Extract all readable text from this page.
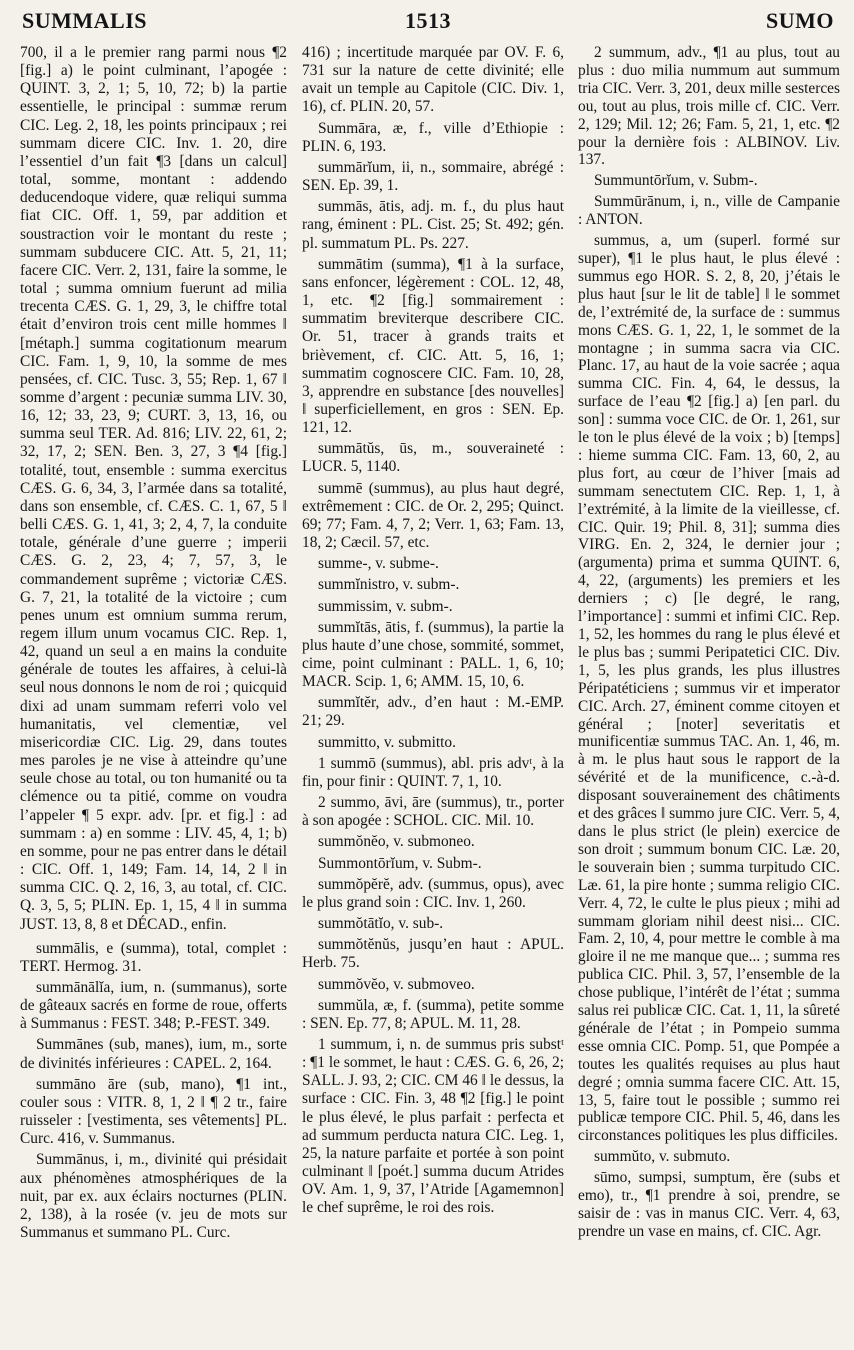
SUMMALIS	1513	SUMO

700, il a le premier rang parmi nous ¶2 [fig.] a) le point culminant, l’apogée : QUINT. 3, 2, 1; 5, 10, 72; b) la partie essentielle, le principal : summæ rerum CIC. Leg. 2, 18, les points principaux ; rei summam dicere CIC. Inv. 1. 20, dire l’essentiel d’un fait ¶3 [dans un calcul] total, somme, montant : addendo deducendoque videre, quæ reliqui summa fiat CIC. Off. 1, 59, par addition et soustraction voir le montant du reste ; summam subducere CIC. Att. 5, 21, 11; facere CIC. Verr. 2, 131, faire la somme, le total ; summa omnium fuerunt ad milia trecenta CÆS. G. 1, 29, 3, le chiffre total était d’environ trois cent mille hommes ‖ [métaph.] summa cogitationum mearum CIC. Fam. 1, 9, 10, la somme de mes pensées, cf. CIC. Tusc. 3, 55; Rep. 1, 67 ‖ somme d’argent : pecuniæ summa LIV. 30, 16, 12; 33, 23, 9; CURT. 3, 13, 16, ou summa seul TER. Ad. 816; LIV. 22, 61, 2; 32, 17, 2; SEN. Ben. 3, 27, 3 ¶4 [fig.] totalité, tout, ensemble : summa exercitus CÆS. G. 6, 34, 3, l’armée dans sa totalité, dans son ensemble, cf. CÆS. C. 1, 67, 5 ‖ belli CÆS. G. 1, 41, 3; 2, 4, 7, la conduite totale, générale d’une guerre ; imperii CÆS. G. 2, 23, 4; 7, 57, 3, le commandement suprême ; victoriæ CÆS. G. 7, 21, la totalité de la victoire ; cum penes unum est omnium summa rerum, regem illum unum vocamus CIC. Rep. 1, 42, quand un seul a en mains la conduite générale de toutes les affaires, à celui-là seul nous donnons le nom de roi ; quicquid dixi ad unam summam referri volo vel humanitatis, vel clementiæ, vel misericordiæ CIC. Lig. 29, dans toutes mes paroles je ne vise à atteindre qu’une seule chose au total, ou ton humanité ou ta clémence ou ta pitié, comme on voudra l’appeler ¶ 5 expr. adv. [pr. et fig.] : ad summam : a) en somme : LIV. 45, 4, 1; b) en somme, pour ne pas entrer dans le détail : CIC. Off. 1, 149; Fam. 14, 14, 2 ‖ in summa CIC. Q. 2, 16, 3, au total, cf. CIC. Q. 3, 5, 5; PLIN. Ep. 1, 15, 4 ‖ in summa JUST. 13, 8, 8 et DÉCAD., enfin.

summālis, e (summa), total, complet : TERT. Hermog. 31.

summānālĭa, ium, n. (summanus), sorte de gâteaux sacrés en forme de roue, offerts à Summanus : FEST. 348; P.-FEST. 349.

Summānes (sub, manes), ium, m., sorte de divinités inférieures : CAPEL. 2, 164.

summāno āre (sub, mano), ¶1 int., couler sous : VITR. 8, 1, 2 ‖ ¶ 2 tr., faire ruisseler : [vestimenta, ses vêtements] PL. Curc. 416, v. Summanus.

Summānus, i, m., divinité qui présidait aux phénomènes atmosphériques de la nuit, par ex. aux éclairs nocturnes (PLIN. 2, 138), à la rosée (v. jeu de mots sur Summanus et summano PL. Curc.

416) ; incertitude marquée par OV. F. 6, 731 sur la nature de cette divinité; elle avait un temple au Capitole (CIC. Div. 1, 16), cf. PLIN. 20, 57.

Summāra, æ, f., ville d’Ethiopie : PLIN. 6, 193.

summārĭum, ii, n., sommaire, abrégé : SEN. Ep. 39, 1.

summās, ātis, adj. m. f., du plus haut rang, éminent : PL. Cist. 25; St. 492; gén. pl. summatum PL. Ps. 227.

summātim (summa), ¶1 à la surface, sans enfoncer, légèrement : COL. 12, 48, 1, etc. ¶2 [fig.] sommairement : summatim breviterque describere CIC. Or. 51, tracer à grands traits et brièvement, cf. CIC. Att. 5, 16, 1; summatim cognoscere CIC. Fam. 10, 28, 3, apprendre en substance [des nouvelles] ‖ superficiellement, en gros : SEN. Ep. 121, 12.

summātŭs, ūs, m., souveraineté : LUCR. 5, 1140.

summē (summus), au plus haut degré, extrêmement : CIC. de Or. 2, 295; Quinct. 69; 77; Fam. 4, 7, 2; Verr. 1, 63; Fam. 13, 18, 2; Cæcil. 57, etc.

summe-, v. subme-.

summĭnistro, v. subm-.

summissim, v. subm-.

summĭtās, ātis, f. (summus), la partie la plus haute d’une chose, sommité, sommet, cime, point culminant : PALL. 1, 6, 10; MACR. Scip. 1, 6; AMM. 15, 10, 6.

summĭtĕr, adv., d’en haut : M.-EMP. 21; 29.

summitto, v. submitto.

1 summō (summus), abl. pris advᵗ, à la fin, pour finir : QUINT. 7, 1, 10.

2 summo, āvi, āre (summus), tr., porter à son apogée : SCHOL. CIC. Mil. 10.

summŏnĕo, v. submoneo.

Summontōrĭum, v. Subm-.

summŏpĕrĕ, adv. (summus, opus), avec le plus grand soin : CIC. Inv. 1, 260.

summŏtātĭo, v. sub-.

summŏtĕnŭs, jusqu’en haut : APUL. Herb. 75.

summŏvĕo, v. submoveo.

summŭla, æ, f. (summa), petite somme : SEN. Ep. 77, 8; APUL. M. 11, 28.

1 summum, i, n. de summus pris substᵗ : ¶1 le sommet, le haut : CÆS. G. 6, 26, 2; SALL. J. 93, 2; CIC. CM 46 ‖ le dessus, la surface : CIC. Fin. 3, 48 ¶2 [fig.] le point le plus élevé, le plus parfait : perfecta et ad summum perducta natura CIC. Leg. 1, 25, la nature parfaite et portée à son point culminant ‖ [poét.] summa ducum Atrides OV. Am. 1, 9, 37, l’Atride [Agamemnon] le chef suprême, le roi des rois.

2 summum, adv., ¶1 au plus, tout au plus : duo milia nummum aut summum tria CIC. Verr. 3, 201, deux mille sesterces ou, tout au plus, trois mille cf. CIC. Verr. 2, 129; Mil. 12; 26; Fam. 5, 21, 1, etc. ¶2 pour la dernière fois : ALBINOV. Liv. 137.

Summuntōrĭum, v. Subm-.

Summūrānum, i, n., ville de Campanie : ANTON.

summus, a, um (superl. formé sur super), ¶1 le plus haut, le plus élevé : summus ego HOR. S. 2, 8, 20, j’étais le plus haut [sur le lit de table] ‖ le sommet de, l’extrémité de, la surface de : summus mons CÆS. G. 1, 22, 1, le sommet de la montagne ; in summa sacra via CIC. Planc. 17, au haut de la voie sacrée ; aqua summa CIC. Fin. 4, 64, le dessus, la surface de l’eau ¶2 [fig.] a) [en parl. du son] : summa voce CIC. de Or. 1, 261, sur le ton le plus élevé de la voix ; b) [temps] : hieme summa CIC. Fam. 13, 60, 2, au plus fort, au cœur de l’hiver [mais ad summam senectutem CIC. Rep. 1, 1, à l’extrémité, à la limite de la vieillesse, cf. CIC. Quir. 19; Phil. 8, 31]; summa dies VIRG. En. 2, 324, le dernier jour ; (argumenta) prima et summa QUINT. 6, 4, 22, (arguments) les premiers et les derniers ; c) [le degré, le rang, l’importance] : summi et infimi CIC. Rep. 1, 52, les hommes du rang le plus élevé et le plus bas ; summi Peripatetici CIC. Div. 1, 5, les plus grands, les plus illustres Péripatéticiens ; summus vir et imperator CIC. Arch. 27, éminent comme citoyen et général ; [noter] severitatis et munificentiæ summus TAC. An. 1, 46, m. à m. le plus haut sous le rapport de la sévérité et de la munificence, c.-à-d. disposant souverainement des châtiments et des grâces ‖ summo jure CIC. Verr. 5, 4, dans le plus strict (le plein) exercice de son droit ; summum bonum CIC. Læ. 20, le souverain bien ; summa turpitudo CIC. Læ. 61, la pire honte ; summa religio CIC. Verr. 4, 72, le culte le plus pieux ; mihi ad summam gloriam nihil deest nisi... CIC. Fam. 2, 10, 4, pour mettre le comble à ma gloire il ne me manque que... ; summa res publica CIC. Phil. 3, 57, l’ensemble de la chose publique, l’intérêt de l’état ; summa salus rei publicæ CIC. Cat. 1, 11, la sûreté générale de l’état ; in Pompeio summa esse omnia CIC. Pomp. 51, que Pompée a toutes les qualités requises au plus haut degré ; omnia summa facere CIC. Att. 15, 13, 5, faire tout le possible ; summo rei publicæ tempore CIC. Phil. 5, 46, dans les circonstances politiques les plus difficiles.

summŭto, v. submuto.

sūmo, sumpsi, sumptum, ĕre (subs et emo), tr., ¶1 prendre à soi, prendre, se saisir de : vas in manus CIC. Verr. 4, 63, prendre un vase en mains, cf. CIC. Agr.
